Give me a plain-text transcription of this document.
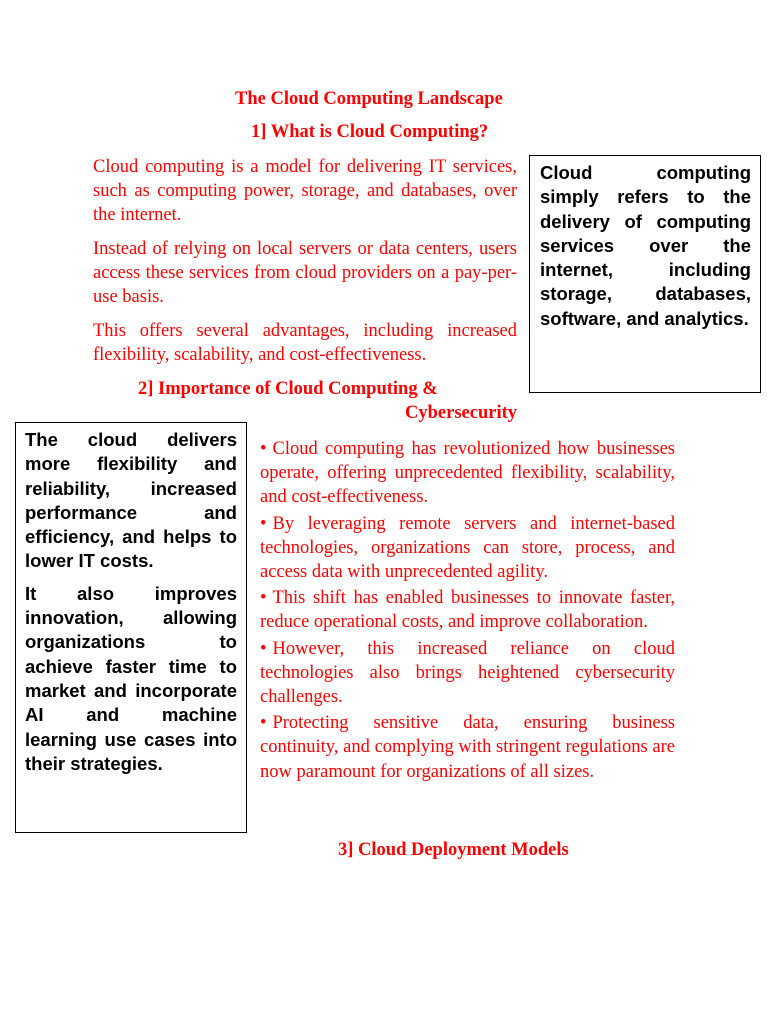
The Cloud Computing Landscape
1] What is Cloud Computing?

Cloud computing is a model for delivering IT services, such as computing power, storage, and databases, over the internet.

Instead of relying on local servers or data centers, users access these services from cloud providers on a pay-per-use basis.

This offers several advantages, including increased flexibility, scalability, and cost-effectiveness.

Cloud computing simply refers to the delivery of computing services over the internet, including storage, databases, software, and analytics.

2] Importance of Cloud Computing &
Cybersecurity

The cloud delivers more flexibility and reliability, increased performance and efficiency, and helps to lower IT costs.

It also improves innovation, allowing organizations to achieve faster time to market and incorporate AI and machine learning use cases into their strategies.

• Cloud computing has revolutionized how businesses operate, offering unprecedented flexibility, scalability, and cost-effectiveness.

• By leveraging remote servers and internet-based technologies, organizations can store, process, and access data with unprecedented agility.

• This shift has enabled businesses to innovate faster, reduce operational costs, and improve collaboration.

• However, this increased reliance on cloud technologies also brings heightened cybersecurity challenges.

• Protecting sensitive data, ensuring business continuity, and complying with stringent regulations are now paramount for organizations of all sizes.

3] Cloud Deployment Models
